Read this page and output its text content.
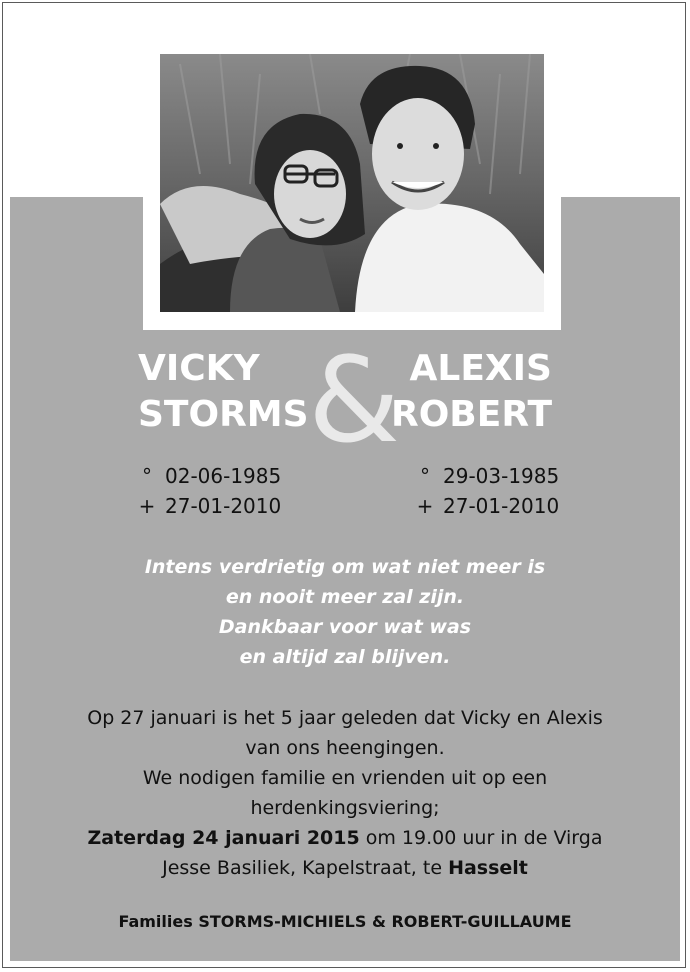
VICKY
STORMS & ALEXIS
ROBERT
° 02-06-1985
+ 27-01-2010
° 29-03-1985
+ 27-01-2010
Intens verdrietig om wat niet meer is
en nooit meer zal zijn.
Dankbaar voor wat was
en altijd zal blijven.
Op 27 januari is het 5 jaar geleden dat Vicky en Alexis
van ons heengingen.
We nodigen familie en vrienden uit op een
herdenkingsviering;
Zaterdag 24 januari 2015 om 19.00 uur in de Virga
Jesse Basiliek, Kapelstraat, te Hasselt
Families STORMS-MICHIELS & ROBERT-GUILLAUME
